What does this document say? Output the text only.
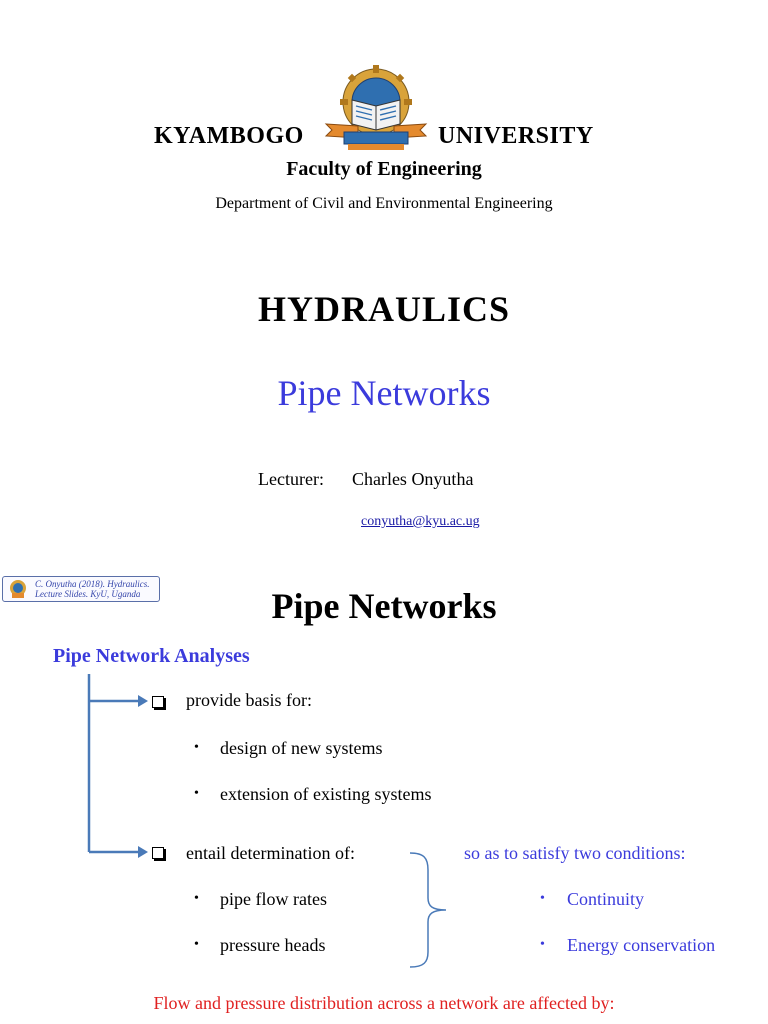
KYAMBOGO	UNIVERSITY
Faculty of Engineering
Department of Civil and Environmental Engineering
HYDRAULICS
Pipe Networks
Lecturer: Charles Onyutha
conyutha@kyu.ac.ug
C. Onyutha (2018). Hydraulics.
Lecture Slides. KyU, Uganda	Pipe Networks
Pipe Network Analyses
provide basis for:
• design of new systems
• extension of existing systems
entail determination of:
• pipe flow rates
• pressure heads
so as to satisfy two conditions:
• Continuity
• Energy conservation
Flow and pressure distribution across a network are affected by:
